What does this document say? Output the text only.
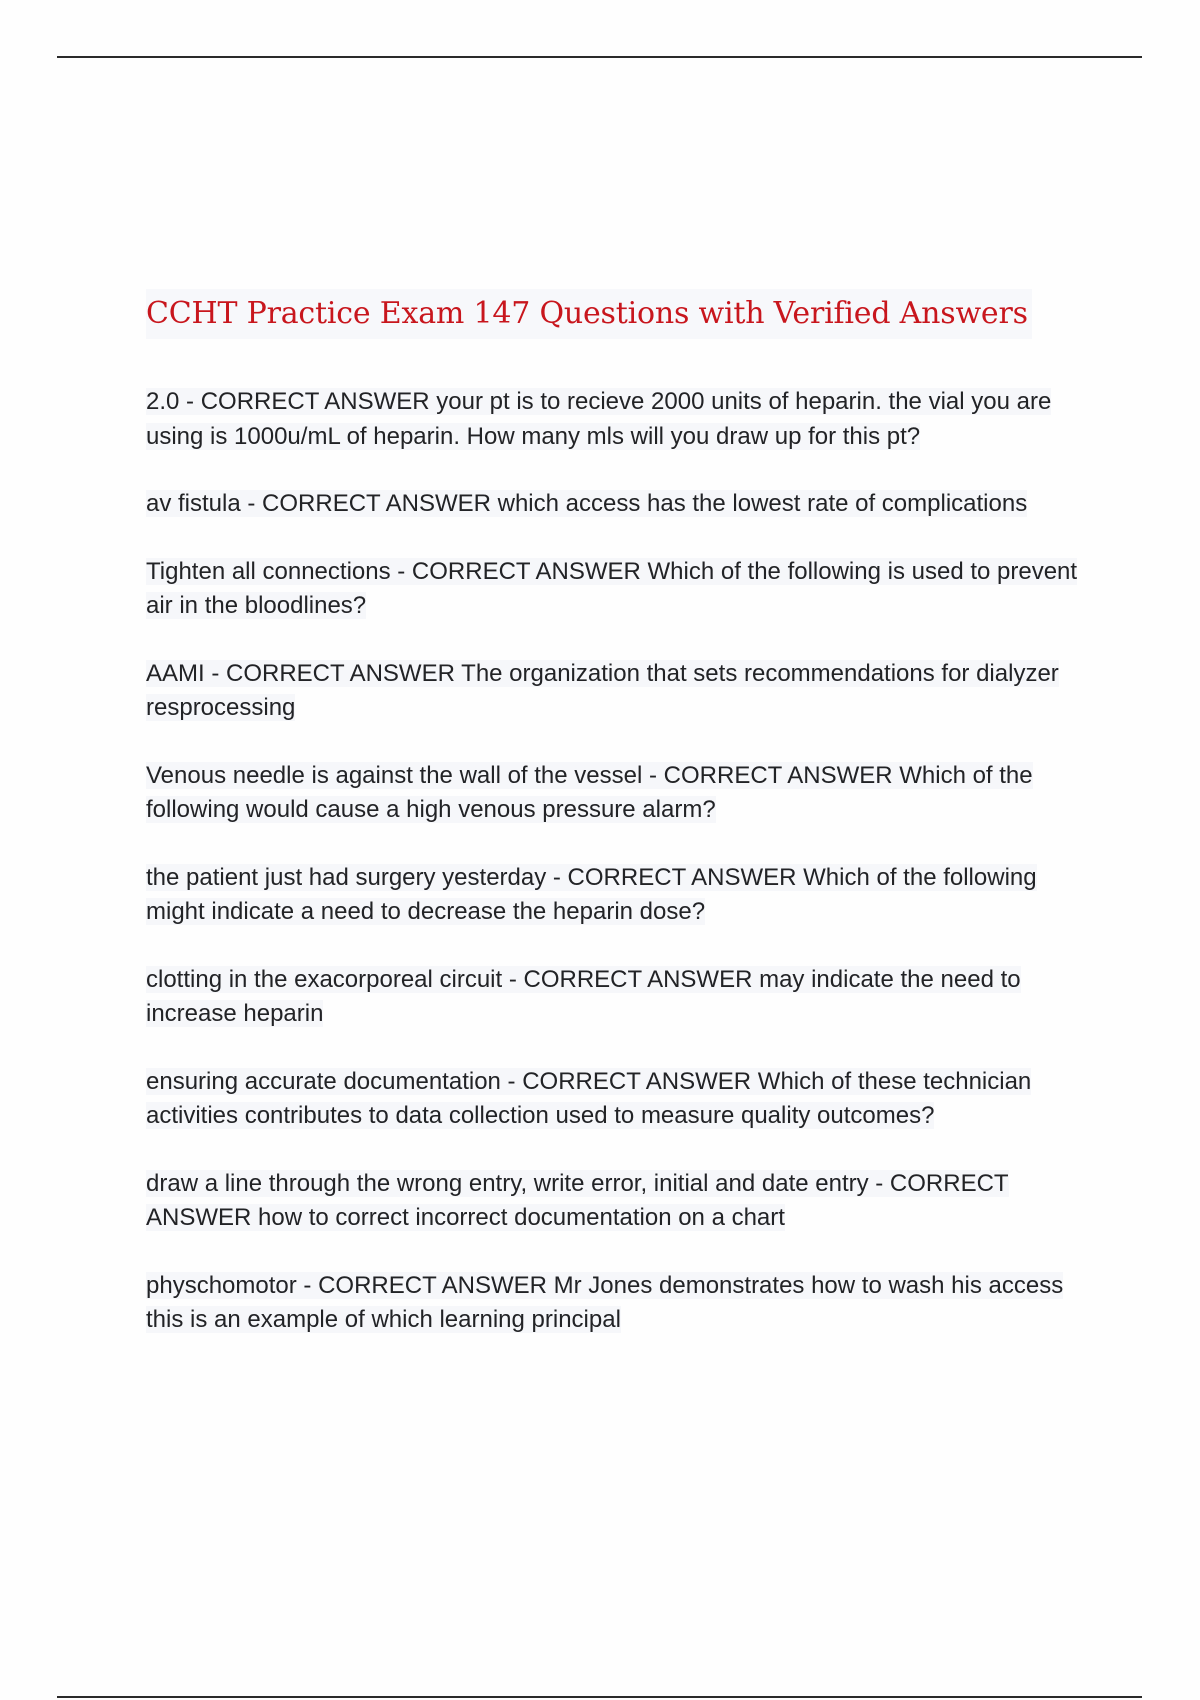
CCHT Practice Exam 147 Questions with Verified Answers
2.0 - CORRECT ANSWER your pt is to recieve 2000 units of heparin. the vial you are using is 1000u/mL of heparin. How many mls will you draw up for this pt?
av fistula - CORRECT ANSWER which access has the lowest rate of complications
Tighten all connections - CORRECT ANSWER Which of the following is used to prevent air in the bloodlines?
AAMI - CORRECT ANSWER The organization that sets recommendations for dialyzer resprocessing
Venous needle is against the wall of the vessel - CORRECT ANSWER Which of the following would cause a high venous pressure alarm?
the patient just had surgery yesterday - CORRECT ANSWER Which of the following might indicate a need to decrease the heparin dose?
clotting in the exacorporeal circuit - CORRECT ANSWER may indicate the need to increase heparin
ensuring accurate documentation - CORRECT ANSWER Which of these technician activities contributes to data collection used to measure quality outcomes?
draw a line through the wrong entry, write error, initial and date entry - CORRECT ANSWER how to correct incorrect documentation on a chart
physchomotor - CORRECT ANSWER Mr Jones demonstrates how to wash his access this is an example of which learning principal
